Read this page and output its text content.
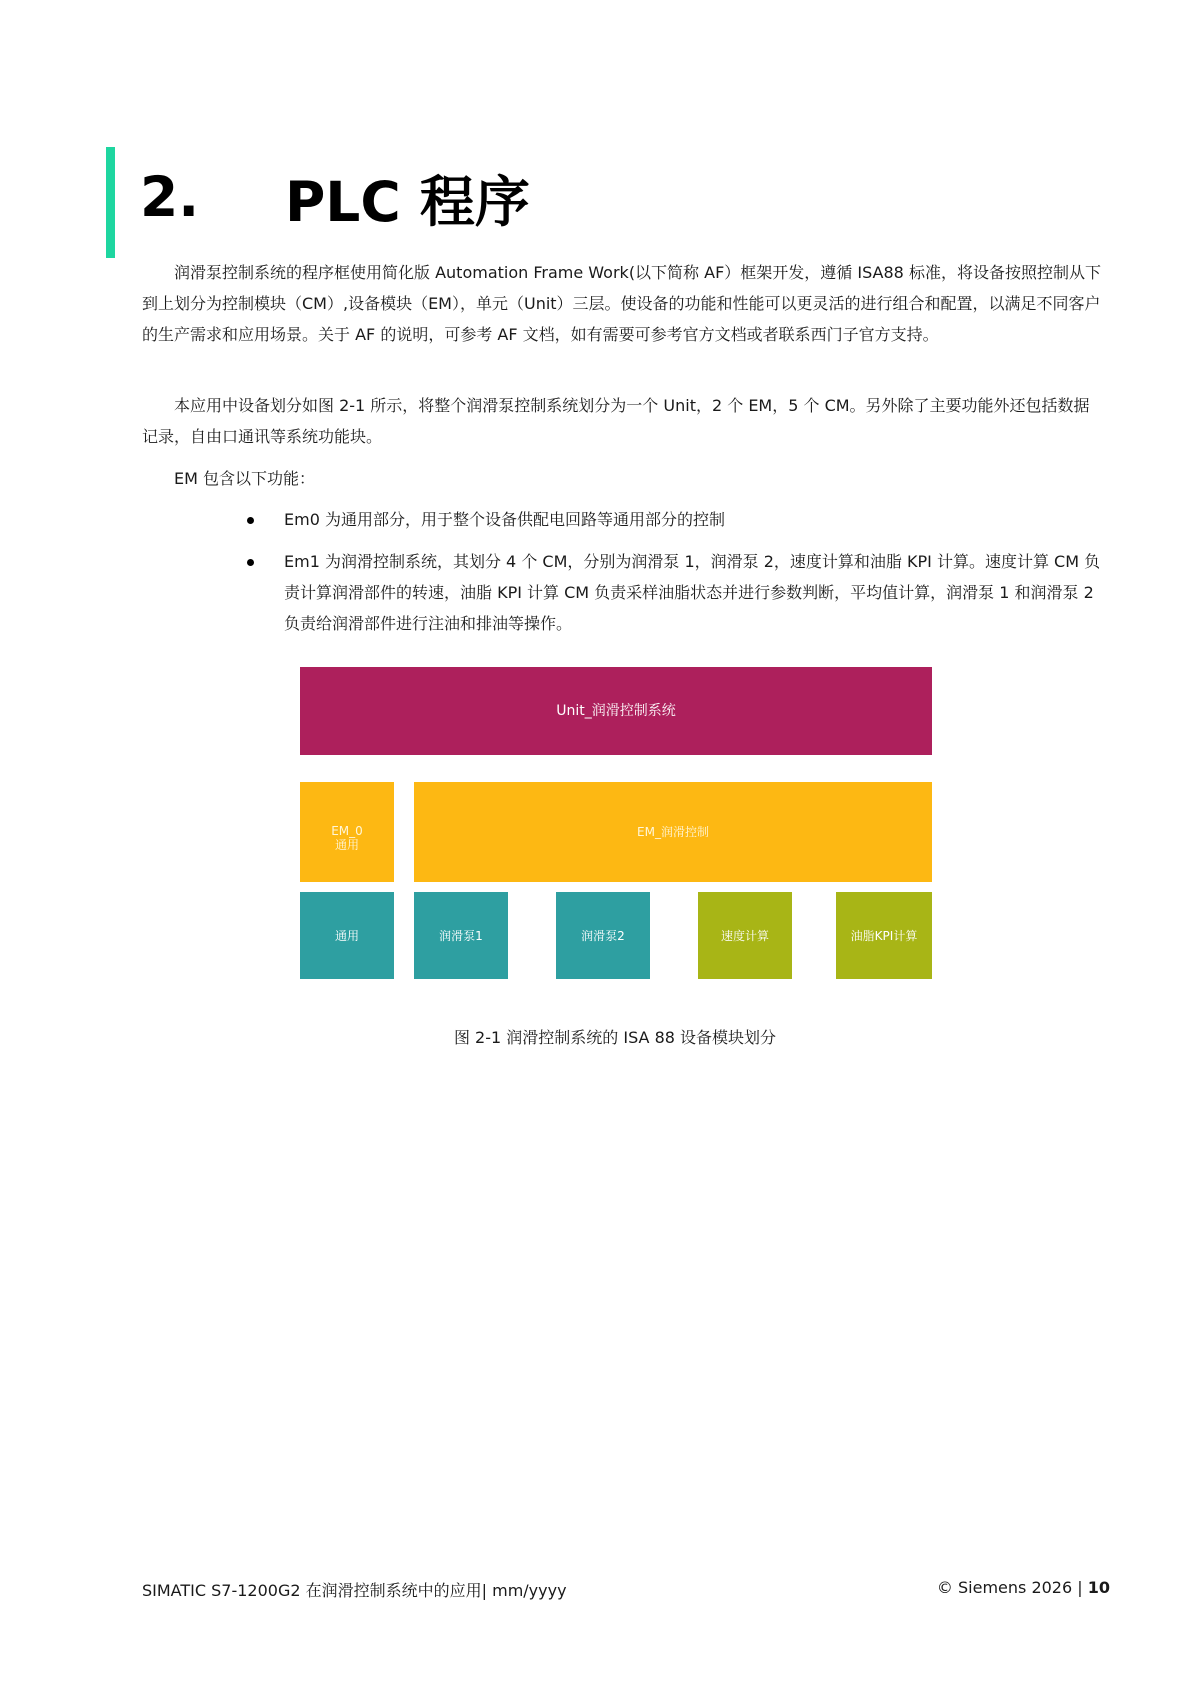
2.	PLC 程序

润滑泵控制系统的程序框使用简化版 Automation Frame Work(以下简称 AF）框架开发，遵循 ISA88 标准，将设备按照控制从下到上划分为控制模块（CM）,设备模块（EM），单元（Unit）三层。使设备的功能和性能可以更灵活的进行组合和配置，以满足不同客户的生产需求和应用场景。关于 AF 的说明，可参考 AF 文档，如有需要可参考官方文档或者联系西门子官方支持。

本应用中设备划分如图 2-1 所示，将整个润滑泵控制系统划分为一个 Unit，2 个 EM，5 个 CM。另外除了主要功能外还包括数据记录，自由口通讯等系统功能块。

EM 包含以下功能：

Em0 为通用部分，用于整个设备供配电回路等通用部分的控制
Em1 为润滑控制系统，其划分 4 个 CM，分别为润滑泵 1，润滑泵 2，速度计算和油脂 KPI 计算。速度计算 CM 负责计算润滑部件的转速，油脂 KPI 计算 CM 负责采样油脂状态并进行参数判断，平均值计算，润滑泵 1 和润滑泵 2 负责给润滑部件进行注油和排油等操作。
Unit_润滑控制系统
EM_0
通用
EM_润滑控制
通用	润滑泵1	润滑泵2	速度计算	油脂KPI计算
图 2-1 润滑控制系统的 ISA 88 设备模块划分
SIMATIC S7-1200G2 在润滑控制系统中的应用| mm/yyyy	© Siemens 2026 | 10
